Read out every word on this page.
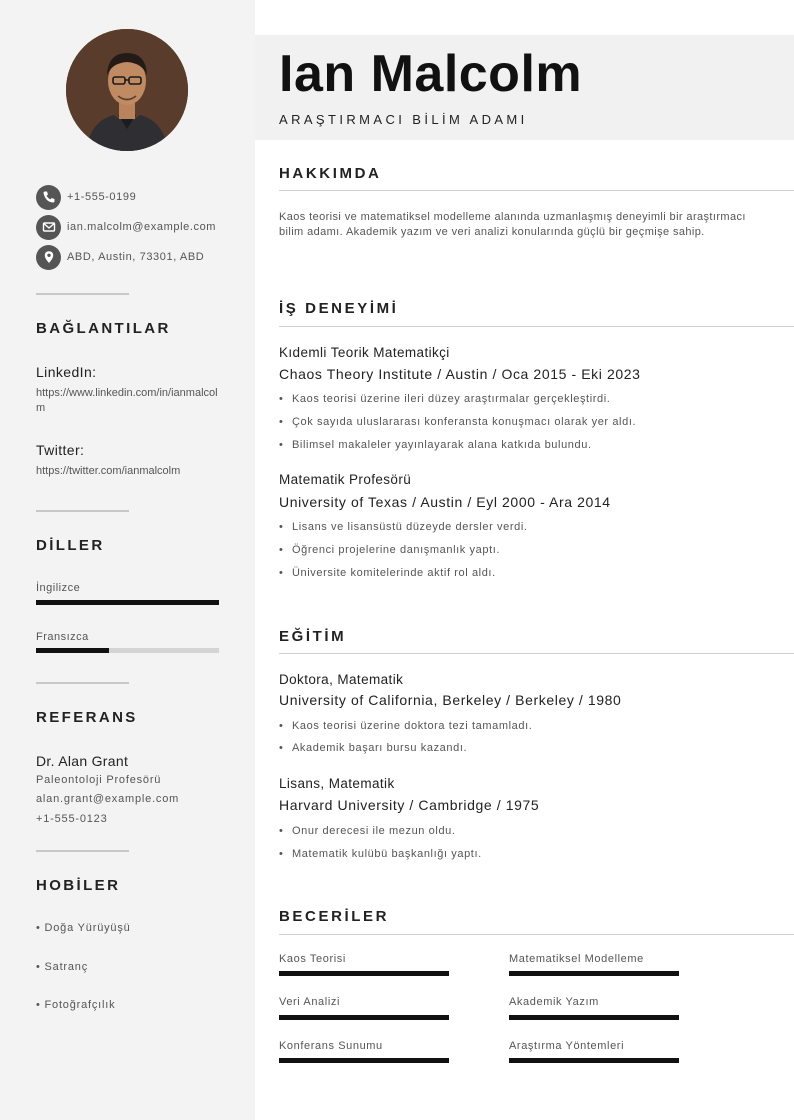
+1-555-0199
ian.malcolm@example.com
ABD, Austin, 73301, ABD
BAĞLANTILAR
LinkedIn:
https://www.linkedin.com/in/ianmalcolm
Twitter:
https://twitter.com/ianmalcolm
DİLLER
İngilizce
Fransızca
REFERANS
Dr. Alan Grant
Paleontoloji Profesörü
alan.grant@example.com
+1-555-0123
HOBİLER
• Doğa Yürüyüşü
• Satranç
• Fotoğrafçılık
Ian Malcolm
ARAŞTIRMACI BİLİM ADAMI
HAKKIMDA
Kaos teorisi ve matematiksel modelleme alanında uzmanlaşmış deneyimli bir araştırmacı bilim adamı. Akademik yazım ve veri analizi konularında güçlü bir geçmişe sahip.
İŞ DENEYİMİ
Kıdemli Teorik Matematikçi
Chaos Theory Institute / Austin / Oca 2015 - Eki 2023
• Kaos teorisi üzerine ileri düzey araştırmalar gerçekleştirdi.
• Çok sayıda uluslararası konferansta konuşmacı olarak yer aldı.
• Bilimsel makaleler yayınlayarak alana katkıda bulundu.
Matematik Profesörü
University of Texas / Austin / Eyl 2000 - Ara 2014
• Lisans ve lisansüstü düzeyde dersler verdi.
• Öğrenci projelerine danışmanlık yaptı.
• Üniversite komitelerinde aktif rol aldı.
EĞİTİM
Doktora, Matematik
University of California, Berkeley / Berkeley / 1980
• Kaos teorisi üzerine doktora tezi tamamladı.
• Akademik başarı bursu kazandı.
Lisans, Matematik
Harvard University / Cambridge / 1975
• Onur derecesi ile mezun oldu.
• Matematik kulübü başkanlığı yaptı.
BECERİLER
Kaos Teorisi	Matematiksel Modelleme
Veri Analizi	Akademik Yazım
Konferans Sunumu	Araştırma Yöntemleri
